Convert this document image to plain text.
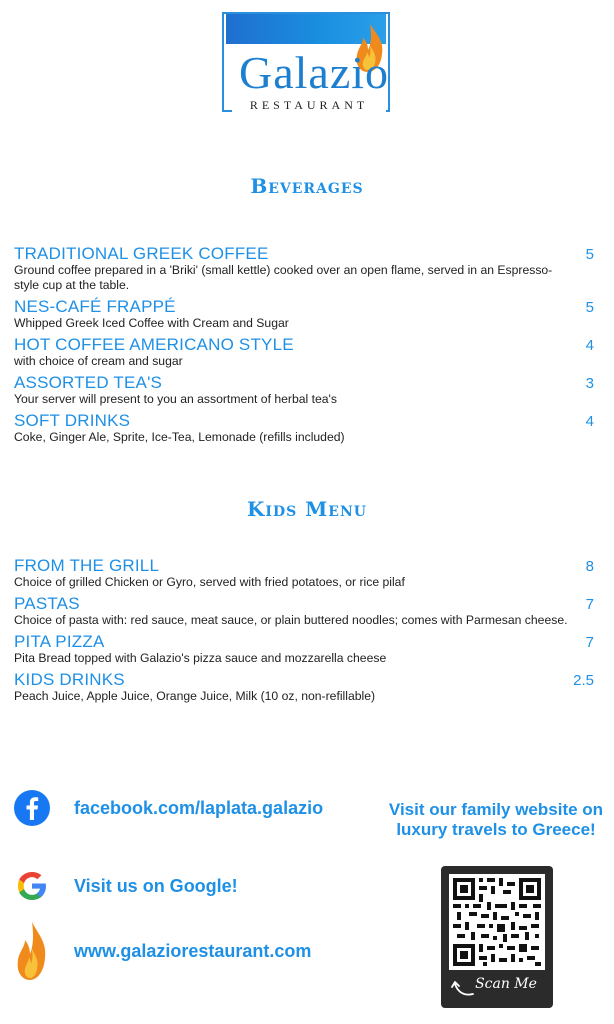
Galazio
RESTAURANT
Beverages
TRADITIONAL GREEK COFFEE	5
Ground coffee prepared in a 'Briki' (small kettle) cooked over an open flame, served in an Espresso-style cup at the table.
NES-CAFÉ FRAPPÉ	5
Whipped Greek Iced Coffee with Cream and Sugar
HOT COFFEE AMERICANO STYLE	4
with choice of cream and sugar
ASSORTED TEA'S	3
Your server will present to you an assortment of herbal tea's
SOFT DRINKS	4
Coke, Ginger Ale, Sprite, Ice-Tea, Lemonade (refills included)
Kids Menu
FROM THE GRILL	8
Choice of grilled Chicken or Gyro, served with fried potatoes, or rice pilaf
PASTAS	7
Choice of pasta with: red sauce, meat sauce, or plain buttered noodles; comes with Parmesan cheese.
PITA PIZZA	7
Pita Bread topped with Galazio's pizza sauce and mozzarella cheese
KIDS DRINKS	2.5
Peach Juice, Apple Juice, Orange Juice, Milk (10 oz, non-refillable)
facebook.com/laplata.galazio
Visit us on Google!
www.galaziorestaurant.com
Visit our family website on luxury travels to Greece!
Scan Me
